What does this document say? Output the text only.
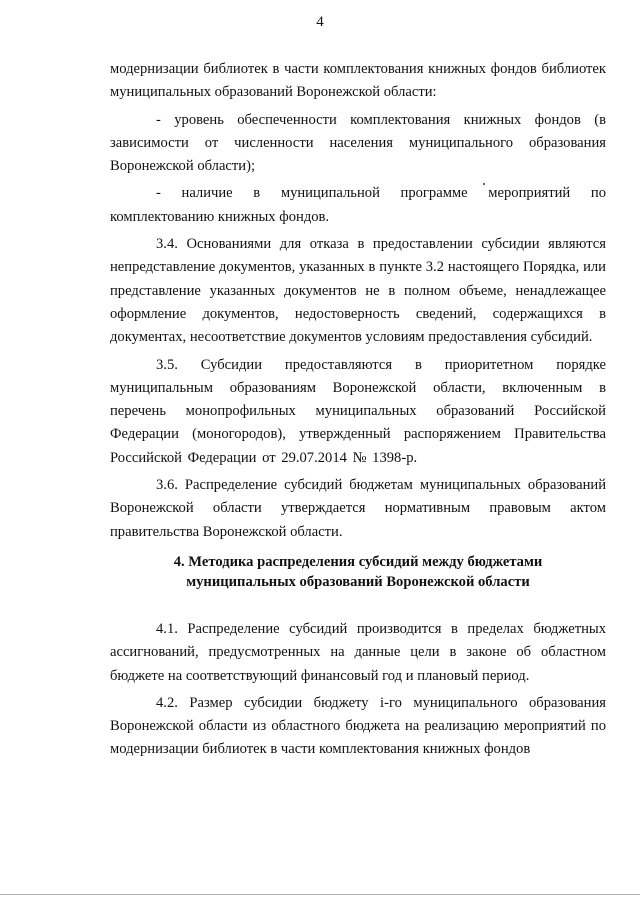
4

модернизации библиотек в части комплектования книжных фондов библиотек муниципальных образований Воронежской области:

- уровень обеспеченности комплектования книжных фондов (в зависимости от численности населения муниципального образования Воронежской области);

- наличие в муниципальной программе мероприятий по комплектованию книжных фондов.

3.4. Основаниями для отказа в предоставлении субсидии являются непредставление документов, указанных в пункте 3.2 настоящего Порядка, или представление указанных документов не в полном объеме, ненадлежащее оформление документов, недостоверность сведений, содержащихся в документах, несоответствие документов условиям предоставления субсидий.

3.5. Субсидии предоставляются в приоритетном порядке муниципальным образованиям Воронежской области, включенным в перечень монопрофильных муниципальных образований Российской Федерации (моногородов), утвержденный распоряжением Правительства Российской Федерации от 29.07.2014 № 1398-р.

3.6. Распределение субсидий бюджетам муниципальных образований Воронежской области утверждается нормативным правовым актом правительства Воронежской области.

4. Методика распределения субсидий между бюджетами
муниципальных образований Воронежской области

4.1. Распределение субсидий производится в пределах бюджетных ассигнований, предусмотренных на данные цели в законе об областном бюджете на соответствующий финансовый год и плановый период.

4.2. Размер субсидии бюджету i-го муниципального образования Воронежской области из областного бюджета на реализацию мероприятий по модернизации библиотек в части комплектования книжных фондов
